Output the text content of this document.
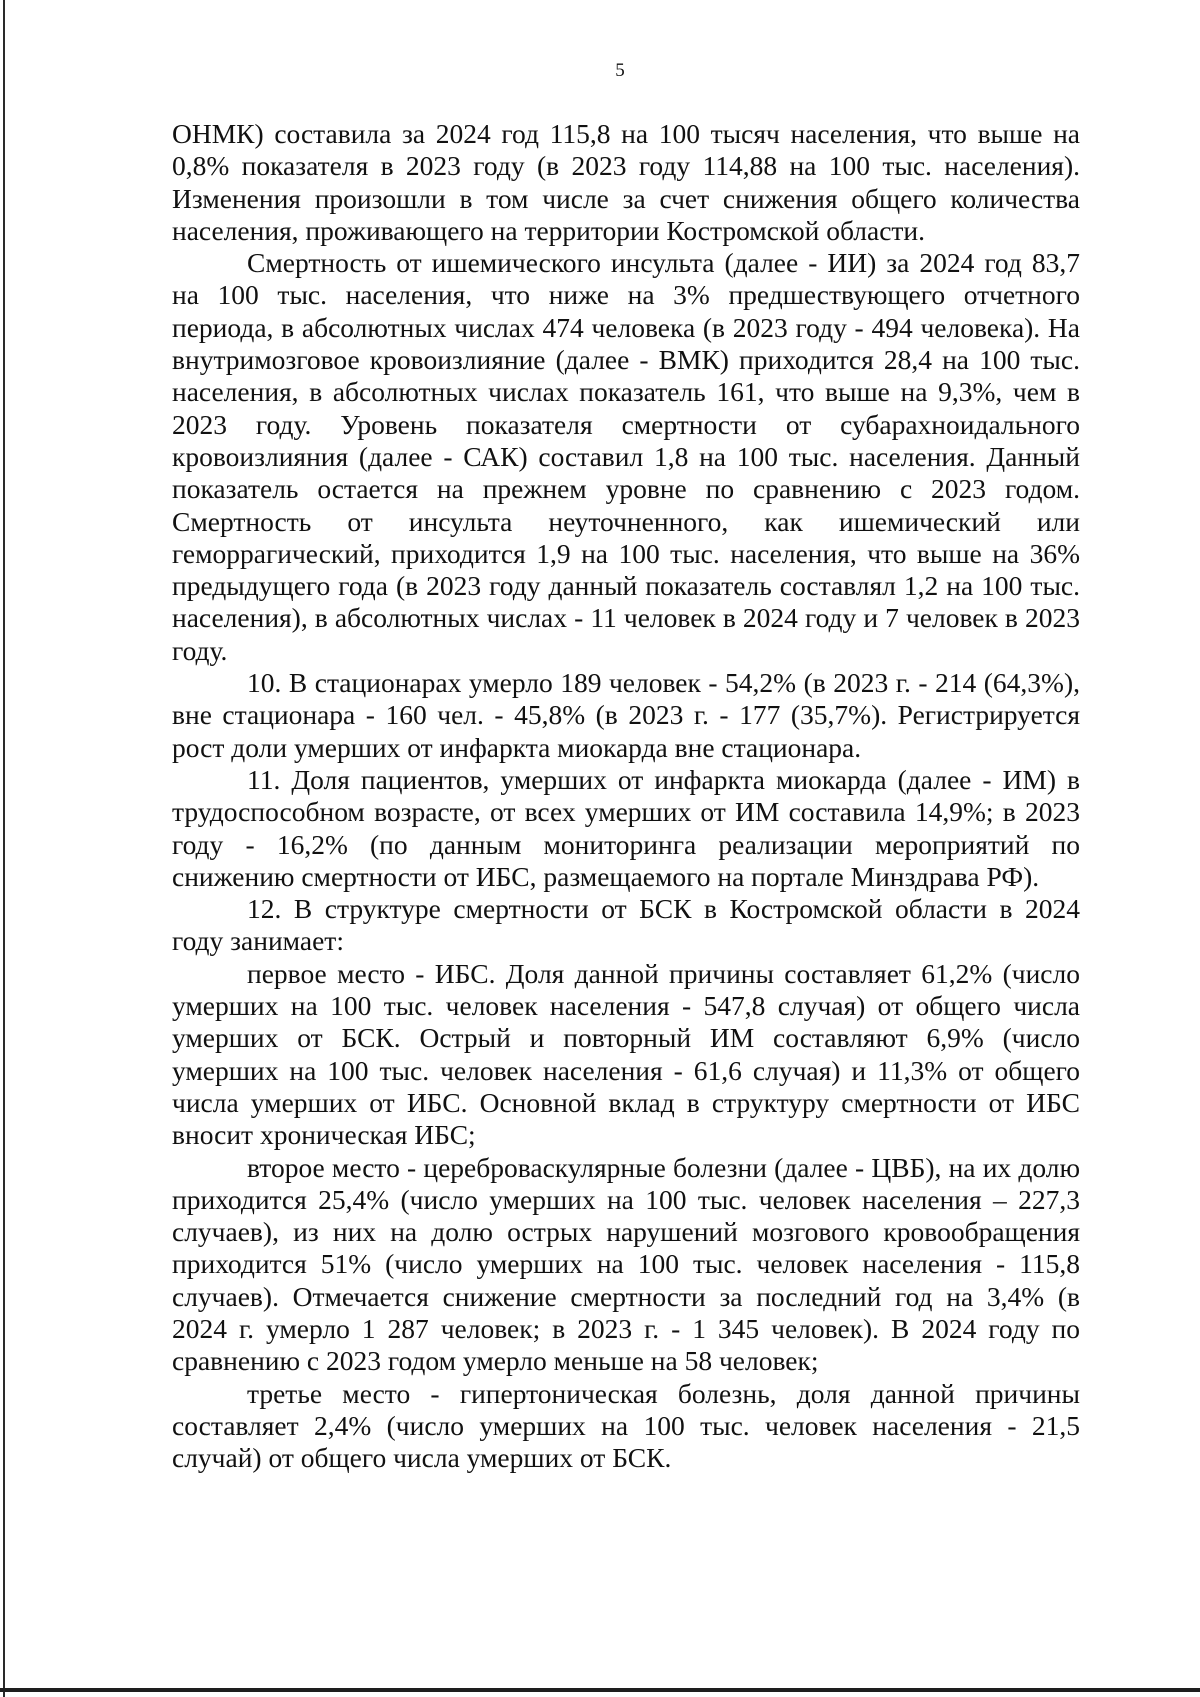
5

ОНМК) составила за 2024 год 115,8 на 100 тысяч населения, что выше на 0,8% показателя в 2023 году (в 2023 году 114,88 на 100 тыс. населения). Изменения произошли в том числе за счет снижения общего количества населения, проживающего на территории Костромской области.

Смертность от ишемического инсульта (далее - ИИ) за 2024 год 83,7 на 100 тыс. населения, что ниже на 3% предшествующего отчетного периода, в абсолютных числах 474 человека (в 2023 году - 494 человека). На внутримозговое кровоизлияние (далее - ВМК) приходится 28,4 на 100 тыс. населения, в абсолютных числах показатель 161, что выше на 9,3%, чем в 2023 году. Уровень показателя смертности от субарахноидального кровоизлияния (далее - САК) составил 1,8 на 100 тыс. населения. Данный показатель остается на прежнем уровне по сравнению с 2023 годом. Смертность от инсульта неуточненного, как ишемический или геморрагический, приходится 1,9 на 100 тыс. населения, что выше на 36% предыдущего года (в 2023 году данный показатель составлял 1,2 на 100 тыс. населения), в абсолютных числах - 11 человек в 2024 году и 7 человек в 2023 году.

10. В стационарах умерло 189 человек - 54,2% (в 2023 г. - 214 (64,3%), вне стационара - 160 чел. - 45,8% (в 2023 г. - 177 (35,7%). Регистрируется рост доли умерших от инфаркта миокарда вне стационара.

11. Доля пациентов, умерших от инфаркта миокарда (далее - ИМ) в трудоспособном возрасте, от всех умерших от ИМ составила 14,9%; в 2023 году - 16,2% (по данным мониторинга реализации мероприятий по снижению смертности от ИБС, размещаемого на портале Минздрава РФ).

12. В структуре смертности от БСК в Костромской области в 2024 году занимает:

первое место - ИБС. Доля данной причины составляет 61,2% (число умерших на 100 тыс. человек населения - 547,8 случая) от общего числа умерших от БСК. Острый и повторный ИМ составляют 6,9% (число умерших на 100 тыс. человек населения - 61,6 случая) и 11,3% от общего числа умерших от ИБС. Основной вклад в структуру смертности от ИБС вносит хроническая ИБС;

второе место - цереброваскулярные болезни (далее - ЦВБ), на их долю приходится 25,4% (число умерших на 100 тыс. человек населения – 227,3 случаев), из них на долю острых нарушений мозгового кровообращения приходится 51% (число умерших на 100 тыс. человек населения - 115,8 случаев). Отмечается снижение смертности за последний год на 3,4% (в 2024 г. умерло 1 287 человек; в 2023 г. - 1 345 человек). В 2024 году по сравнению с 2023 годом умерло меньше на 58 человек;

третье место - гипертоническая болезнь, доля данной причины составляет 2,4% (число умерших на 100 тыс. человек населения - 21,5 случай) от общего числа умерших от БСК.
